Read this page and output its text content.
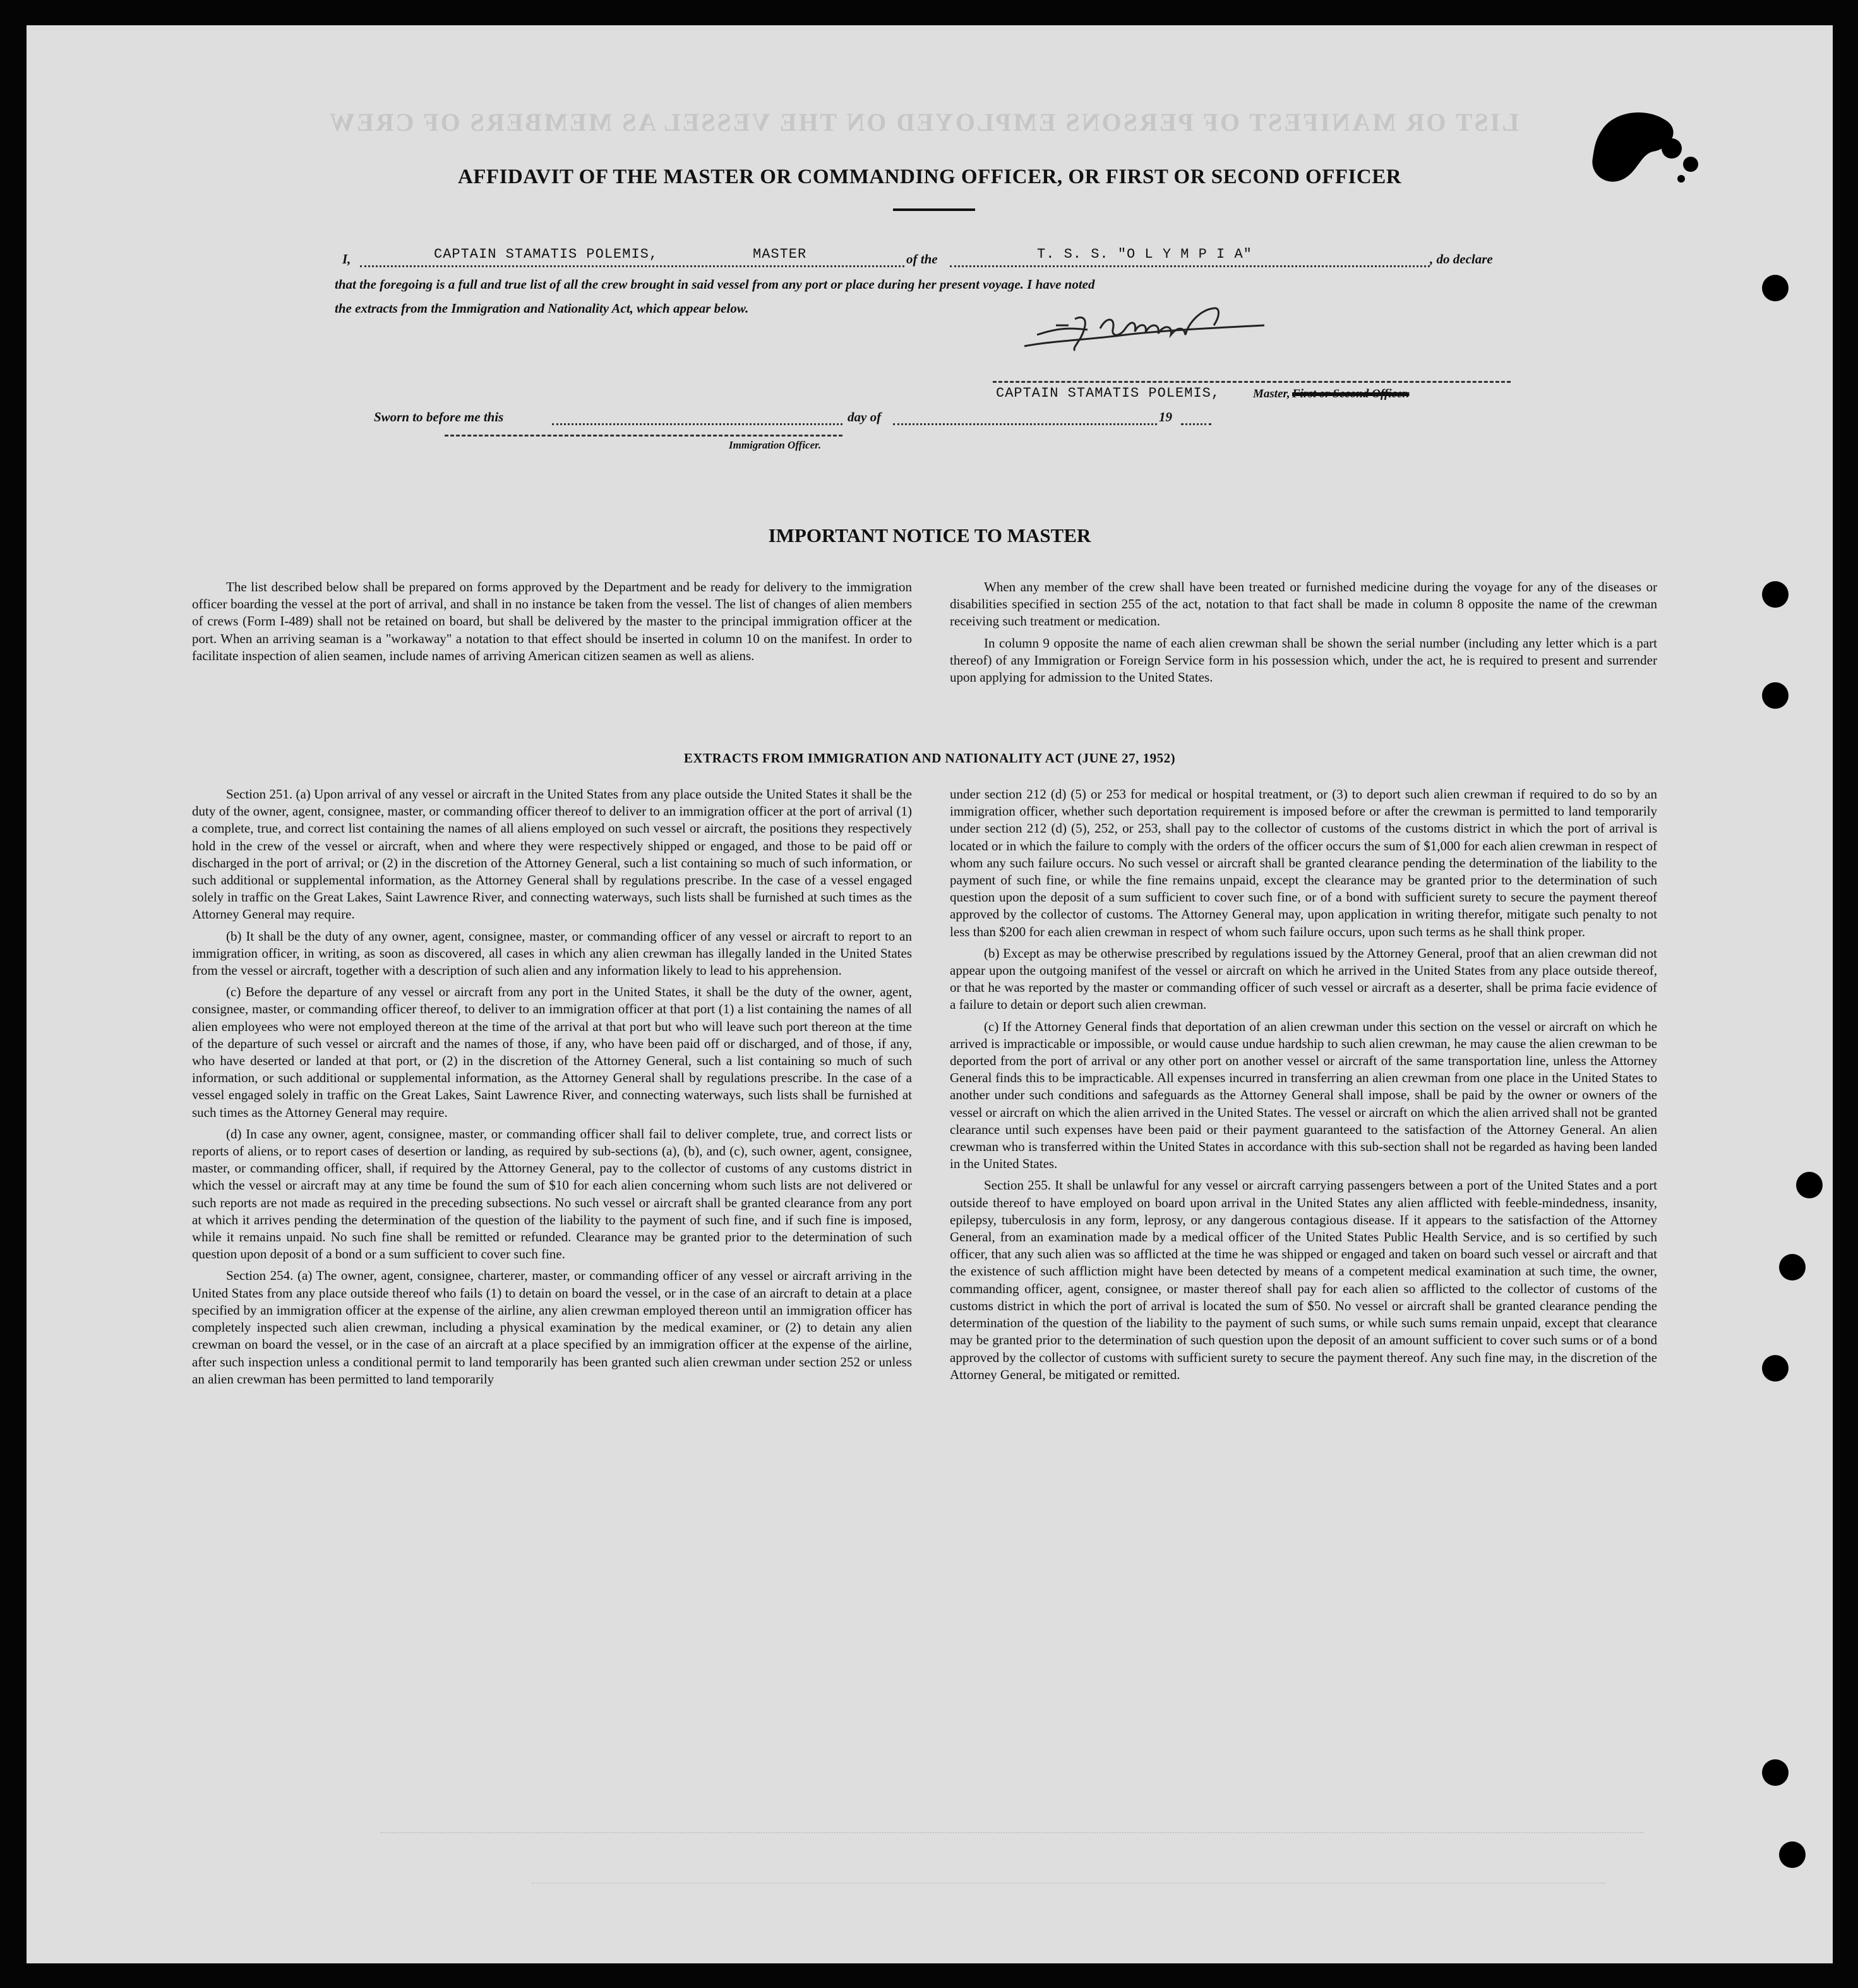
LIST OR MANIFEST OF PERSONS EMPLOYED ON THE VESSEL AS MEMBERS OF CREW
AFFIDAVIT OF THE MASTER OR COMMANDING OFFICER, OR FIRST OR SECOND OFFICER
I,	CAPTAIN STAMATIS POLEMIS,	MASTER	of the	T. S. S. "O L Y M P I A"	, do declare
that the foregoing is a full and true list of all the crew brought in said vessel from any port or place during her present voyage. I have noted
the extracts from the Immigration and Nationality Act, which appear below.
CAPTAIN STAMATIS POLEMIS,	Master, First or Second Officer.
Sworn to before me this	day of	19
Immigration Officer.
IMPORTANT NOTICE TO MASTER

The list described below shall be prepared on forms approved by the Department and be ready for delivery to the immigration officer boarding the vessel at the port of arrival, and shall in no instance be taken from the vessel. The list of changes of alien members of crews (Form I-489) shall not be retained on board, but shall be delivered by the master to the principal immigration officer at the port. When an arriving seaman is a "workaway" a notation to that effect should be inserted in column 10 on the manifest. In order to facilitate inspection of alien seamen, include names of arriving American citizen seamen as well as aliens.

When any member of the crew shall have been treated or furnished medicine during the voyage for any of the diseases or disabilities specified in section 255 of the act, notation to that fact shall be made in column 8 opposite the name of the crewman receiving such treatment or medication.

In column 9 opposite the name of each alien crewman shall be shown the serial number (including any letter which is a part thereof) of any Immigration or Foreign Service form in his possession which, under the act, he is required to present and surrender upon applying for admission to the United States.

EXTRACTS FROM IMMIGRATION AND NATIONALITY ACT (JUNE 27, 1952)

Section 251. (a) Upon arrival of any vessel or aircraft in the United States from any place outside the United States it shall be the duty of the owner, agent, consignee, master, or commanding officer thereof to deliver to an immigration officer at the port of arrival (1) a complete, true, and correct list containing the names of all aliens employed on such vessel or aircraft, the positions they respectively hold in the crew of the vessel or aircraft, when and where they were respectively shipped or engaged, and those to be paid off or discharged in the port of arrival; or (2) in the discretion of the Attorney General, such a list containing so much of such information, or such additional or supplemental information, as the Attorney General shall by regulations prescribe. In the case of a vessel engaged solely in traffic on the Great Lakes, Saint Lawrence River, and connecting waterways, such lists shall be furnished at such times as the Attorney General may require.

(b) It shall be the duty of any owner, agent, consignee, master, or commanding officer of any vessel or aircraft to report to an immigration officer, in writing, as soon as discovered, all cases in which any alien crewman has illegally landed in the United States from the vessel or aircraft, together with a description of such alien and any information likely to lead to his apprehension.

(c) Before the departure of any vessel or aircraft from any port in the United States, it shall be the duty of the owner, agent, consignee, master, or commanding officer thereof, to deliver to an immigration officer at that port (1) a list containing the names of all alien employees who were not employed thereon at the time of the arrival at that port but who will leave such port thereon at the time of the departure of such vessel or aircraft and the names of those, if any, who have been paid off or discharged, and of those, if any, who have deserted or landed at that port, or (2) in the discretion of the Attorney General, such a list containing so much of such information, or such additional or supplemental information, as the Attorney General shall by regulations prescribe. In the case of a vessel engaged solely in traffic on the Great Lakes, Saint Lawrence River, and connecting waterways, such lists shall be furnished at such times as the Attorney General may require.

(d) In case any owner, agent, consignee, master, or commanding officer shall fail to deliver complete, true, and correct lists or reports of aliens, or to report cases of desertion or landing, as required by sub-sections (a), (b), and (c), such owner, agent, consignee, master, or commanding officer, shall, if required by the Attorney General, pay to the collector of customs of any customs district in which the vessel or aircraft may at any time be found the sum of $10 for each alien concerning whom such lists are not delivered or such reports are not made as required in the preceding subsections. No such vessel or aircraft shall be granted clearance from any port at which it arrives pending the determination of the question of the liability to the payment of such fine, and if such fine is imposed, while it remains unpaid. No such fine shall be remitted or refunded. Clearance may be granted prior to the determination of such question upon deposit of a bond or a sum sufficient to cover such fine.

Section 254. (a) The owner, agent, consignee, charterer, master, or commanding officer of any vessel or aircraft arriving in the United States from any place outside thereof who fails (1) to detain on board the vessel, or in the case of an aircraft to detain at a place specified by an immigration officer at the expense of the airline, any alien crewman employed thereon until an immigration officer has completely inspected such alien crewman, including a physical examination by the medical examiner, or (2) to detain any alien crewman on board the vessel, or in the case of an aircraft at a place specified by an immigration officer at the expense of the airline, after such inspection unless a conditional permit to land temporarily has been granted such alien crewman under section 252 or unless an alien crewman has been permitted to land temporarily

under section 212 (d) (5) or 253 for medical or hospital treatment, or (3) to deport such alien crewman if required to do so by an immigration officer, whether such deportation requirement is imposed before or after the crewman is permitted to land temporarily under section 212 (d) (5), 252, or 253, shall pay to the collector of customs of the customs district in which the port of arrival is located or in which the failure to comply with the orders of the officer occurs the sum of $1,000 for each alien crewman in respect of whom any such failure occurs. No such vessel or aircraft shall be granted clearance pending the determination of the liability to the payment of such fine, or while the fine remains unpaid, except the clearance may be granted prior to the determination of such question upon the deposit of a sum sufficient to cover such fine, or of a bond with sufficient surety to secure the payment thereof approved by the collector of customs. The Attorney General may, upon application in writing therefor, mitigate such penalty to not less than $200 for each alien crewman in respect of whom such failure occurs, upon such terms as he shall think proper.

(b) Except as may be otherwise prescribed by regulations issued by the Attorney General, proof that an alien crewman did not appear upon the outgoing manifest of the vessel or aircraft on which he arrived in the United States from any place outside thereof, or that he was reported by the master or commanding officer of such vessel or aircraft as a deserter, shall be prima facie evidence of a failure to detain or deport such alien crewman.

(c) If the Attorney General finds that deportation of an alien crewman under this section on the vessel or aircraft on which he arrived is impracticable or impossible, or would cause undue hardship to such alien crewman, he may cause the alien crewman to be deported from the port of arrival or any other port on another vessel or aircraft of the same transportation line, unless the Attorney General finds this to be impracticable. All expenses incurred in transferring an alien crewman from one place in the United States to another under such conditions and safeguards as the Attorney General shall impose, shall be paid by the owner or owners of the vessel or aircraft on which the alien arrived in the United States. The vessel or aircraft on which the alien arrived shall not be granted clearance until such expenses have been paid or their payment guaranteed to the satisfaction of the Attorney General. An alien crewman who is transferred within the United States in accordance with this sub-section shall not be regarded as having been landed in the United States.

Section 255. It shall be unlawful for any vessel or aircraft carrying passengers between a port of the United States and a port outside thereof to have employed on board upon arrival in the United States any alien afflicted with feeble-mindedness, insanity, epilepsy, tuberculosis in any form, leprosy, or any dangerous contagious disease. If it appears to the satisfaction of the Attorney General, from an examination made by a medical officer of the United States Public Health Service, and is so certified by such officer, that any such alien was so afflicted at the time he was shipped or engaged and taken on board such vessel or aircraft and that the existence of such affliction might have been detected by means of a competent medical examination at such time, the owner, commanding officer, agent, consignee, or master thereof shall pay for each alien so afflicted to the collector of customs of the customs district in which the port of arrival is located the sum of $50. No vessel or aircraft shall be granted clearance pending the determination of the question of the liability to the payment of such sums, or while such sums remain unpaid, except that clearance may be granted prior to the determination of such question upon the deposit of an amount sufficient to cover such sums or of a bond approved by the collector of customs with sufficient surety to secure the payment thereof. Any such fine may, in the discretion of the Attorney General, be mitigated or remitted.
